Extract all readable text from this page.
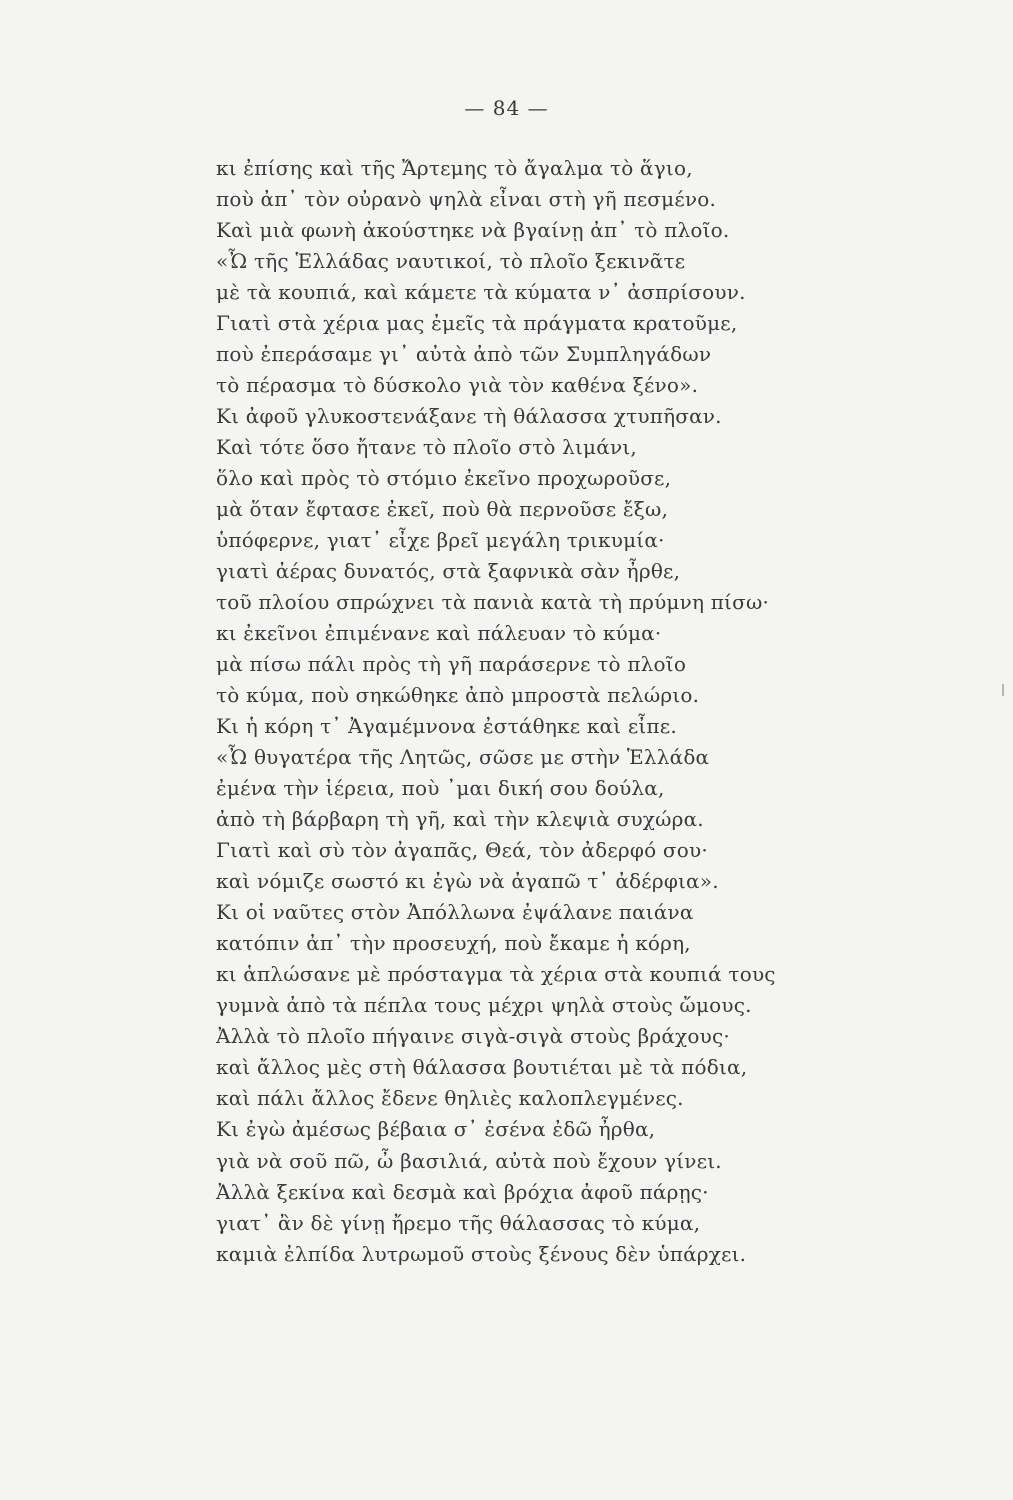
— 84 —
κι ἐπίσης καὶ τῆς Ἄρτεμης τὸ ἄγαλμα τὸ ἅγιο,
ποὺ ἀπ᾽ τὸν οὐρανὸ ψηλὰ εἶναι στὴ γῆ πεσμένο.
Καὶ μιὰ φωνὴ ἀκούστηκε νὰ βγαίνῃ ἀπ᾽ τὸ πλοῖο.
«Ὦ τῆς Ἑλλάδας ναυτικοί, τὸ πλοῖο ξεκινᾶτε
μὲ τὰ κουπιά, καὶ κάμετε τὰ κύματα ν᾽ ἀσπρίσουν.
Γιατὶ στὰ χέρια μας ἐμεῖς τὰ πράγματα κρατοῦμε,
ποὺ ἐπεράσαμε γι᾽ αὐτὰ ἀπὸ τῶν Συμπληγάδων
τὸ πέρασμα τὸ δύσκολο γιὰ τὸν καθένα ξένο».
Κι ἀφοῦ γλυκοστενάξανε τὴ θάλασσα χτυπῆσαν.
Καὶ τότε ὅσο ἤτανε τὸ πλοῖο στὸ λιμάνι,
ὅλο καὶ πρὸς τὸ στόμιο ἐκεῖνο προχωροῦσε,
μὰ ὅταν ἔφτασε ἐκεῖ, ποὺ θὰ περνοῦσε ἔξω,
ὑπόφερνε, γιατ᾽ εἶχε βρεῖ μεγάλη τρικυμία·
γιατὶ ἀέρας δυνατός, στὰ ξαφνικὰ σὰν ἦρθε,
τοῦ πλοίου σπρώχνει τὰ πανιὰ κατὰ τὴ πρύμνη πίσω·
κι ἐκεῖνοι ἐπιμένανε καὶ πάλευαν τὸ κύμα·
μὰ πίσω πάλι πρὸς τὴ γῆ παράσερνε τὸ πλοῖο
τὸ κύμα, ποὺ σηκώθηκε ἀπὸ μπροστὰ πελώριο.
Κι ἡ κόρη τ᾽ Ἀγαμέμνονα ἐστάθηκε καὶ εἶπε.
«Ὦ θυγατέρα τῆς Λητῶς, σῶσε με στὴν Ἑλλάδα
ἐμένα τὴν ἱέρεια, ποὺ ᾽μαι δική σου δούλα,
ἀπὸ τὴ βάρβαρη τὴ γῆ, καὶ τὴν κλεψιὰ συχώρα.
Γιατὶ καὶ σὺ τὸν ἀγαπᾶς, Θεά, τὸν ἀδερφό σου·
καὶ νόμιζε σωστό κι ἐγὼ νὰ ἀγαπῶ τ᾽ ἀδέρφια».
Κι οἱ ναῦτες στὸν Ἀπόλλωνα ἐψάλανε παιάνα
κατόπιν ἀπ᾽ τὴν προσευχή, ποὺ ἔκαμε ἡ κόρη,
κι ἁπλώσανε μὲ πρόσταγμα τὰ χέρια στὰ κουπιά τους
γυμνὰ ἀπὸ τὰ πέπλα τους μέχρι ψηλὰ στοὺς ὤμους.
Ἀλλὰ τὸ πλοῖο πήγαινε σιγὰ-σιγὰ στοὺς βράχους·
καὶ ἄλλος μὲς στὴ θάλασσα βουτιέται μὲ τὰ πόδια,
καὶ πάλι ἄλλος ἔδενε θηλιὲς καλοπλεγμένες.
Κι ἐγὼ ἀμέσως βέβαια σ᾽ ἐσένα ἐδῶ ἦρθα,
γιὰ νὰ σοῦ πῶ, ὦ βασιλιά, αὐτὰ ποὺ ἔχουν γίνει.
Ἀλλὰ ξεκίνα καὶ δεσμὰ καὶ βρόχια ἀφοῦ πάρῃς·
γιατ᾽ ἂν δὲ γίνῃ ἤρεμο τῆς θάλασσας τὸ κύμα,
καμιὰ ἐλπίδα λυτρωμοῦ στοὺς ξένους δὲν ὑπάρχει.
